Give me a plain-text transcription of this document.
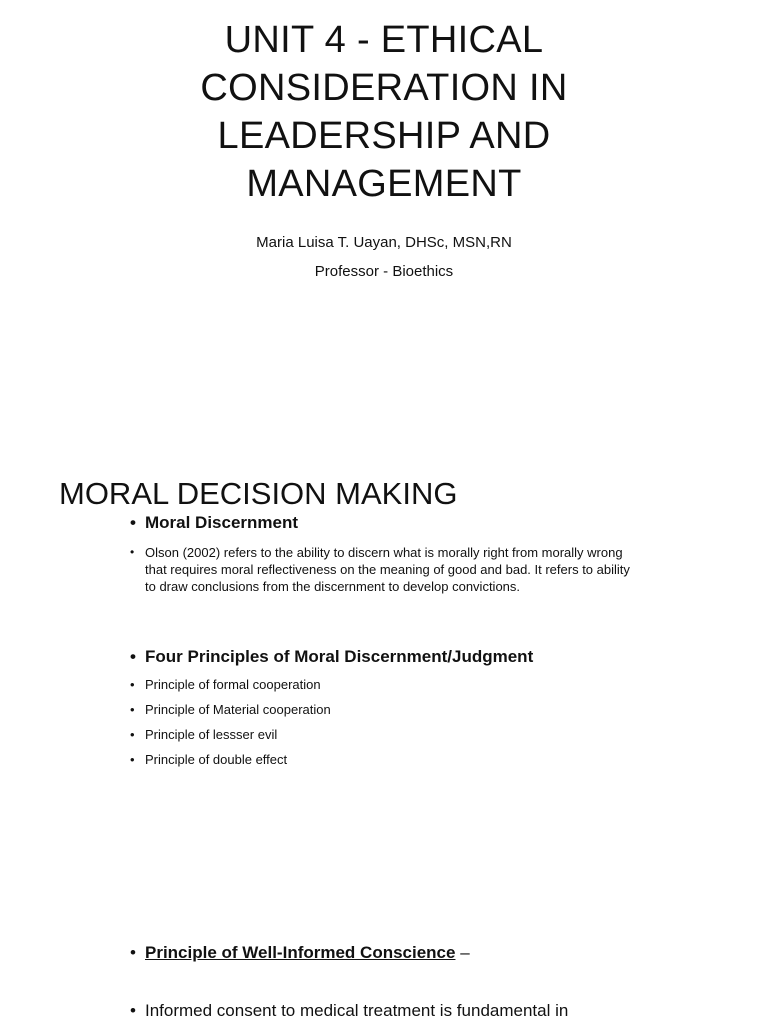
UNIT 4 - ETHICAL
CONSIDERATION IN
LEADERSHIP AND
MANAGEMENT
Maria Luisa T. Uayan, DHSc, MSN,RN
Professor - Bioethics
MORAL DECISION MAKING
• Moral Discernment
• Olson (2002) refers to the ability to discern what is morally right from morally wrong that requires moral reflectiveness on the meaning of good and bad. It refers to ability to draw conclusions from the discernment to develop convictions.
• Four Principles of Moral Discernment/Judgment
• Principle of formal cooperation
• Principle of Material cooperation
• Principle of lessser evil
• Principle of double effect
• Principle of Well-Informed Conscience –
• Informed consent to medical treatment is fundamental in
